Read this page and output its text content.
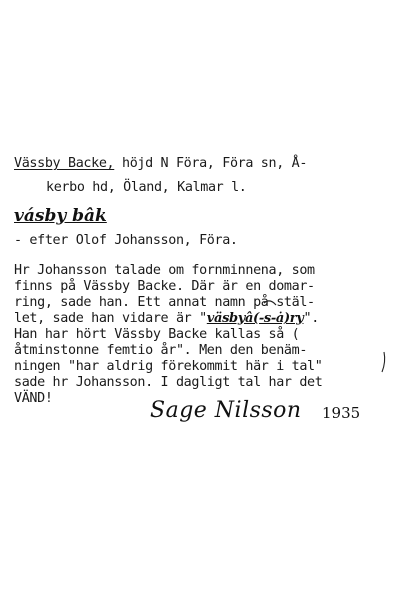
Vässby Backe, höjd N Föra, Föra sn, Å-
kerbo hd, Öland, Kalmar l.
vásby bâk
- efter Olof Johansson, Föra.
Hr Johansson talade om fornminnena, som
finns på Vässby Backe. Där är en domar-
ring, sade han. Ett annat namn på stäl-
let, sade han vidare är "väsbyâ(-s-ȧ)ry".
Han har hört Vässby Backe kallas så (
åtminstonne femtio år". Men den benäm-
ningen "har aldrig förekommit här i tal"
sade hr Johansson. I dagligt tal har det
VÄND!	Sage Nilsson 1935
